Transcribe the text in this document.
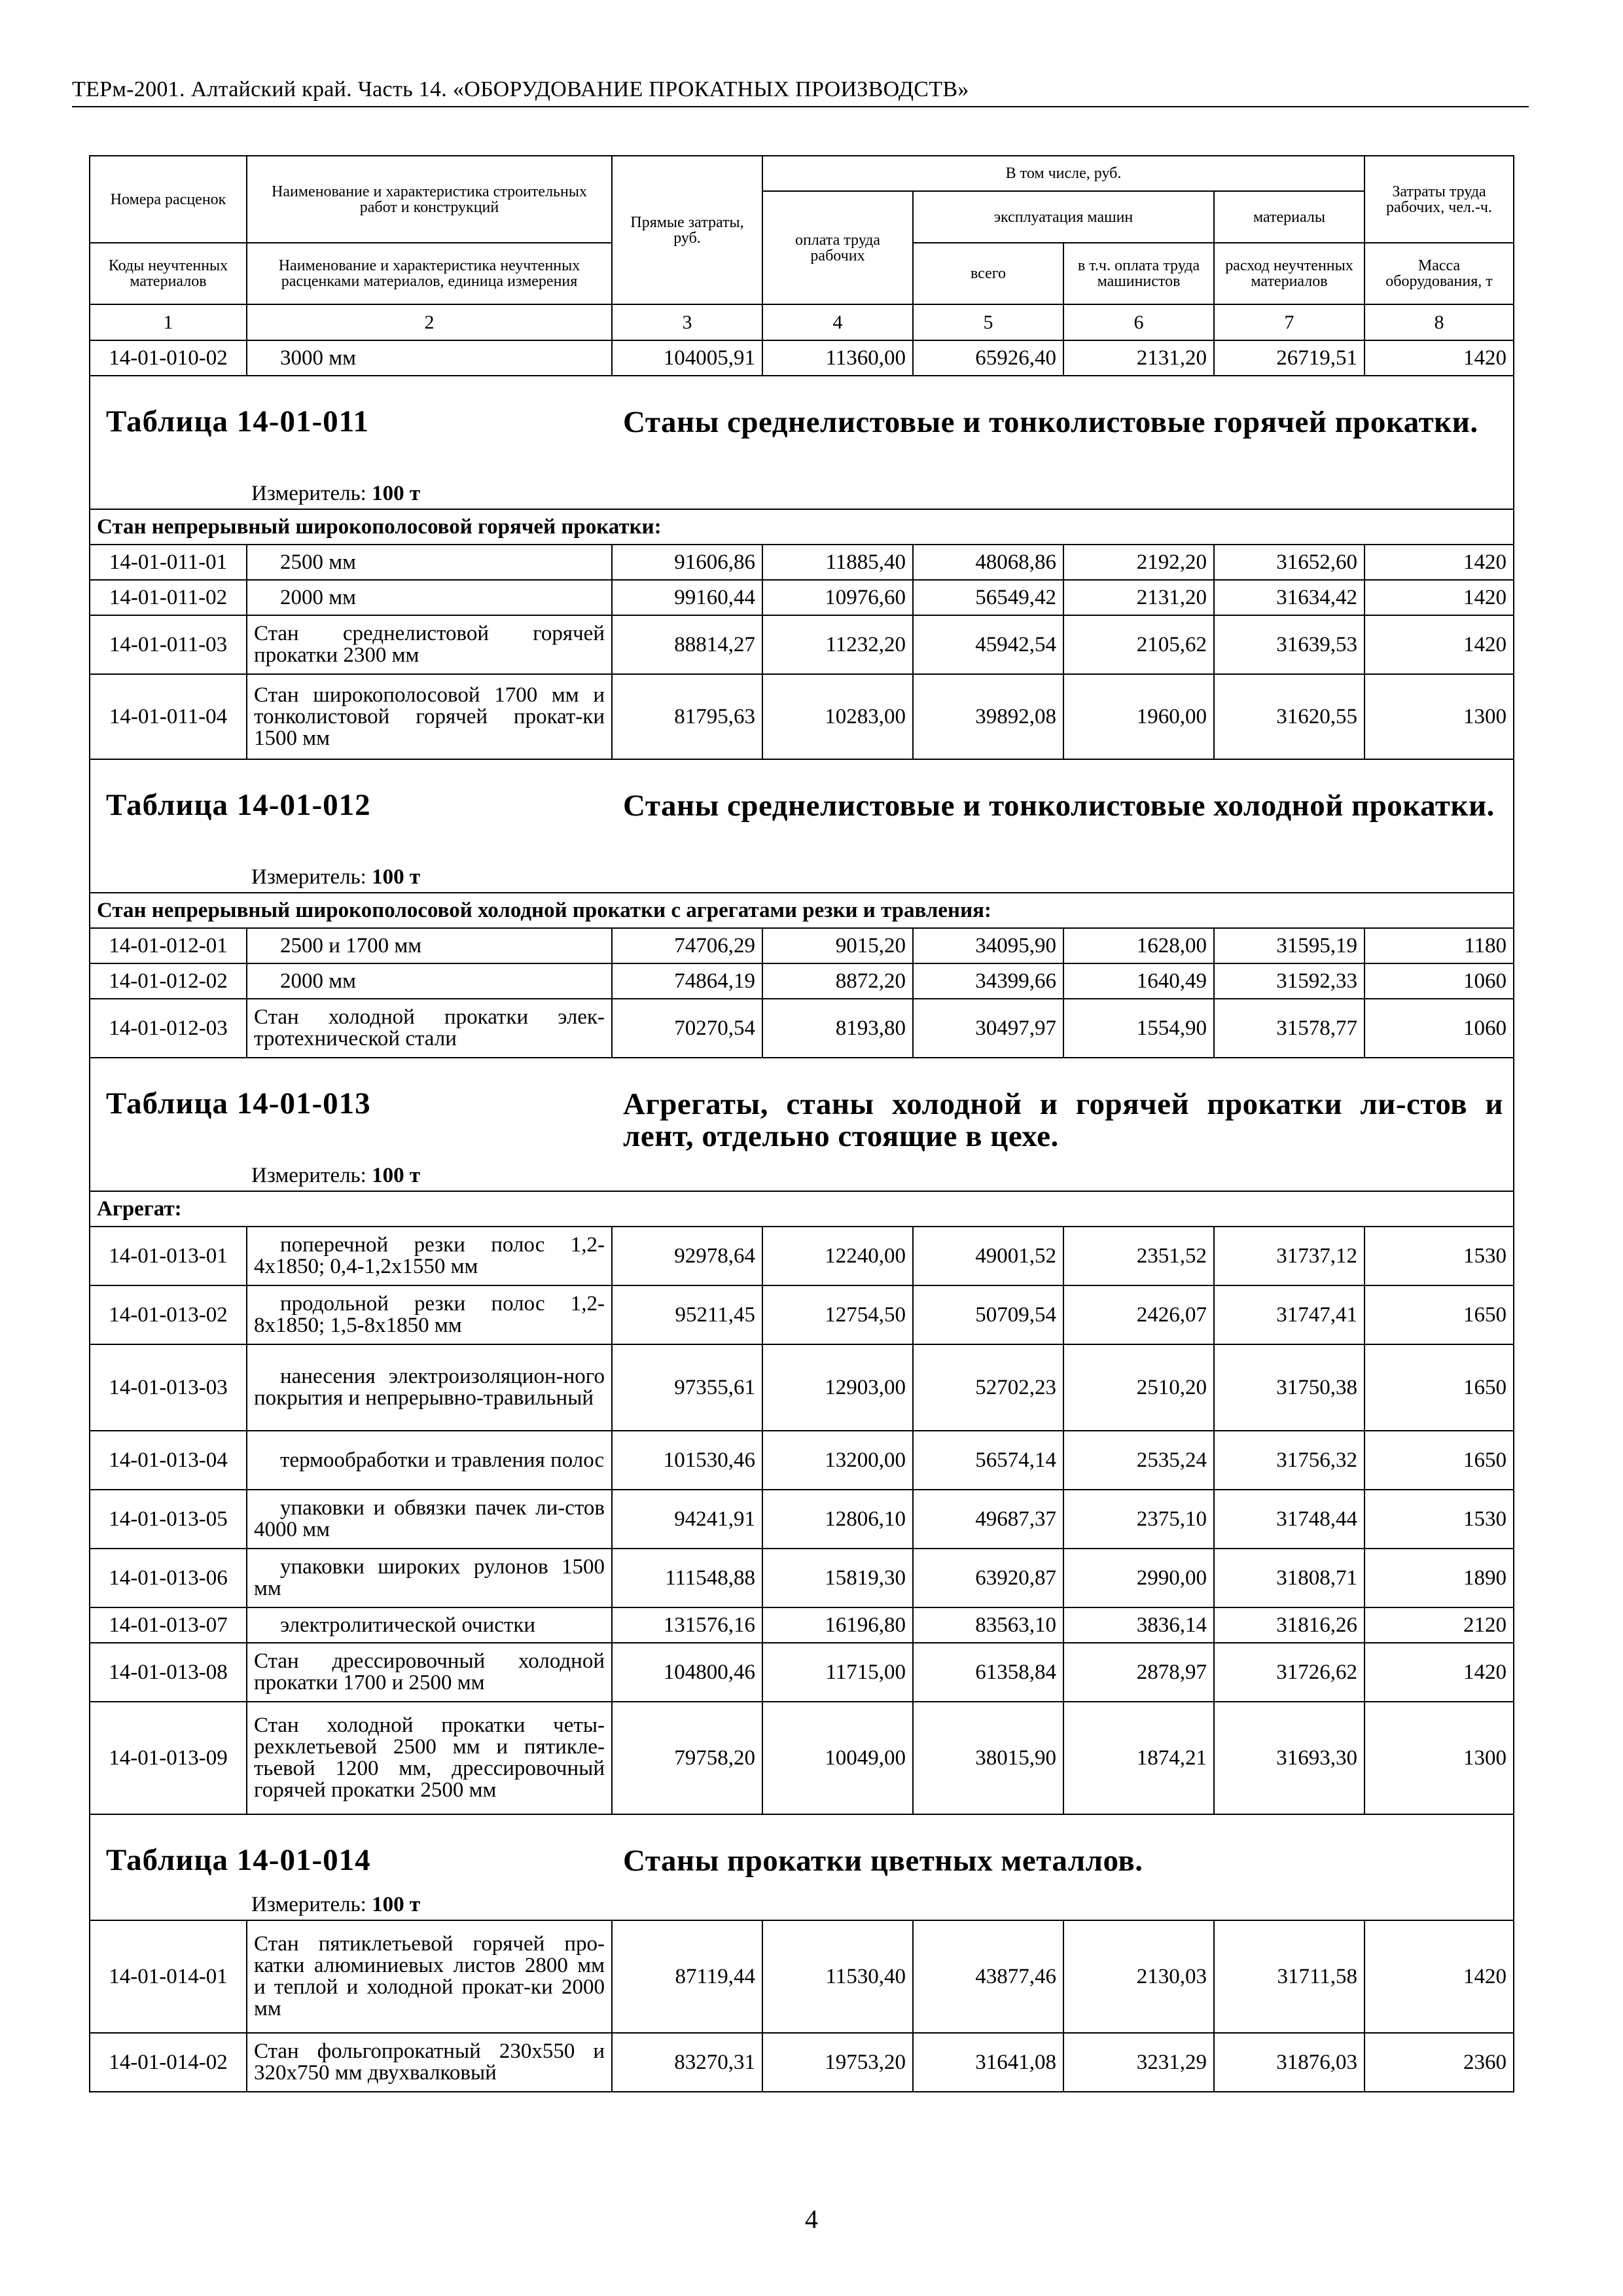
ТЕРм-2001. Алтайский край. Часть 14. «ОБОРУДОВАНИЕ ПРОКАТНЫХ ПРОИЗВОДСТВ»
Номера расценок	Наименование и характеристика строительных работ и конструкций	Прямые затраты, руб.	В том числе, руб.				Затраты труда рабочих, чел.-ч.
			оплата труда рабочих	эксплуатация машин		материалы	
Коды неучтенных материалов	Наименование и характеристика неучтенных расценками материалов, единица измерения			всего	в т.ч. оплата труда машинистов	расход неучтенных материалов	Масса оборудования, т
1	2	3	4	5	6	7	8
14-01-010-02	3000 мм	104005,91	11360,00	65926,40	2131,20	26719,51	1420

Таблица 14-01-011 Станы среднелистовые и тонколистовые горячей прокатки.
Измеритель: 100 т							

Стан непрерывный широкополосовой горячей прокатки:							
14-01-011-01	2500 мм	91606,86	11885,40	48068,86	2192,20	31652,60	1420
14-01-011-02	2000 мм	99160,44	10976,60	56549,42	2131,20	31634,42	1420
14-01-011-03	Стан среднелистовой горячей прокатки 2300 мм	88814,27	11232,20	45942,54	2105,62	31639,53	1420
14-01-011-04	Стан широкополосовой 1700 мм и тонколистовой горячей прокат-ки 1500 мм	81795,63	10283,00	39892,08	1960,00	31620,55	1300

Таблица 14-01-012 Станы среднелистовые и тонколистовые холодной прокатки.
Измеритель: 100 т							

Стан непрерывный широкополосовой холодной прокатки с агрегатами резки и травления:							
14-01-012-01	2500 и 1700 мм	74706,29	9015,20	34095,90	1628,00	31595,19	1180
14-01-012-02	2000 мм	74864,19	8872,20	34399,66	1640,49	31592,33	1060
14-01-012-03	Стан холодной прокатки элек-тротехнической стали	70270,54	8193,80	30497,97	1554,90	31578,77	1060

Таблица 14-01-013 Агрегаты, станы холодной и горячей прокатки ли-стов и лент, отдельно стоящие в цехе.
Измеритель: 100 т							

Агрегат:							
14-01-013-01	поперечной резки полос 1,2-4х1850; 0,4-1,2х1550 мм	92978,64	12240,00	49001,52	2351,52	31737,12	1530
14-01-013-02	продольной резки полос 1,2-8х1850; 1,5-8х1850 мм	95211,45	12754,50	50709,54	2426,07	31747,41	1650
14-01-013-03	нанесения электроизоляцион-ного покрытия и непрерывно-травильный	97355,61	12903,00	52702,23	2510,20	31750,38	1650
14-01-013-04	термообработки и травления полос	101530,46	13200,00	56574,14	2535,24	31756,32	1650
14-01-013-05	упаковки и обвязки пачек ли-стов 4000 мм	94241,91	12806,10	49687,37	2375,10	31748,44	1530
14-01-013-06	упаковки широких рулонов 1500 мм	111548,88	15819,30	63920,87	2990,00	31808,71	1890
14-01-013-07	электролитической очистки	131576,16	16196,80	83563,10	3836,14	31816,26	2120
14-01-013-08	Стан дрессировочный холодной прокатки 1700 и 2500 мм	104800,46	11715,00	61358,84	2878,97	31726,62	1420
14-01-013-09	Стан холодной прокатки четы-рехклетьевой 2500 мм и пятикле-тьевой 1200 мм, дрессировочный горячей прокатки 2500 мм	79758,20	10049,00	38015,90	1874,21	31693,30	1300

Таблица 14-01-014 Станы прокатки цветных металлов.
Измеритель: 100 т							

14-01-014-01	Стан пятиклетьевой горячей про-катки алюминиевых листов 2800 мм и теплой и холодной прокат-ки 2000 мм	87119,44	11530,40	43877,46	2130,03	31711,58	1420
14-01-014-02	Стан фольгопрокатный 230х550 и 320х750 мм двухвалковый	83270,31	19753,20	31641,08	3231,29	31876,03	2360
4
